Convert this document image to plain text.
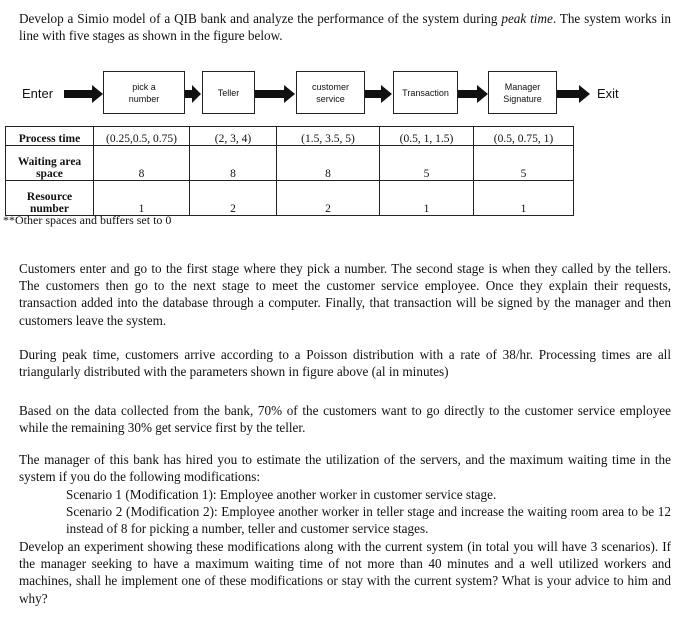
Develop a Simio model of a QIB bank and analyze the performance of the system during peak time. The system works in line with five stages as shown in the figure below.
Enter	pick a
number
Teller
customer
service
Transaction
Manager
Signature	Exit
Process time	(0.25,0.5, 0.75)	(2, 3, 4)	(1.5, 3.5, 5)	(0.5, 1, 1.5)	(0.5, 0.75, 1)
Waiting area
space	8	8	8	5	5
Resource
number	1	2	2	1	1
**Other spaces and buffers set to 0
Customers enter and go to the first stage where they pick a number. The second stage is when they called by the tellers. The customers then go to the next stage to meet the customer service employee. Once they explain their requests, transaction added into the database through a computer. Finally, that transaction will be signed by the manager and then customers leave the system.
During peak time, customers arrive according to a Poisson distribution with a rate of 38/hr. Processing times are all triangularly distributed with the parameters shown in figure above (al in minutes)
Based on the data collected from the bank, 70% of the customers want to go directly to the customer service employee while the remaining 30% get service first by the teller.
The manager of this bank has hired you to estimate the utilization of the servers, and the maximum waiting time in the system if you do the following modifications:
Scenario 1 (Modification 1): Employee another worker in customer service stage.
Scenario 2 (Modification 2): Employee another worker in teller stage and increase the waiting room area to be 12 instead of 8 for picking a number, teller and customer service stages.
Develop an experiment showing these modifications along with the current system (in total you will have 3 scenarios). If the manager seeking to have a maximum waiting time of not more than 40 minutes and a well utilized workers and machines, shall he implement one of these modifications or stay with the current system? What is your advice to him and why?
